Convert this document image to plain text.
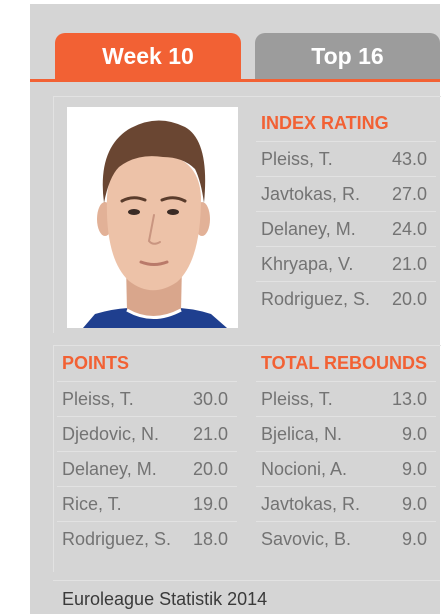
Week 10	Top 16
INDEX RATING
Pleiss, T.	43.0
Javtokas, R. 27.0
Delaney, M. 24.0
Khryapa, V. 21.0
Rodriguez, S. 20.0
POINTS
Pleiss, T.	30.0
Djedovic, N. 21.0
Delaney, M. 20.0
Rice, T.	19.0
Rodriguez, S. 18.0
TOTAL REBOUNDS
Pleiss, T.	13.0
Bjelica, N.	9.0
Nocioni, A.	9.0
Javtokas, R. 9.0
Savovic, B.	9.0
Euroleague Statistik 2014
